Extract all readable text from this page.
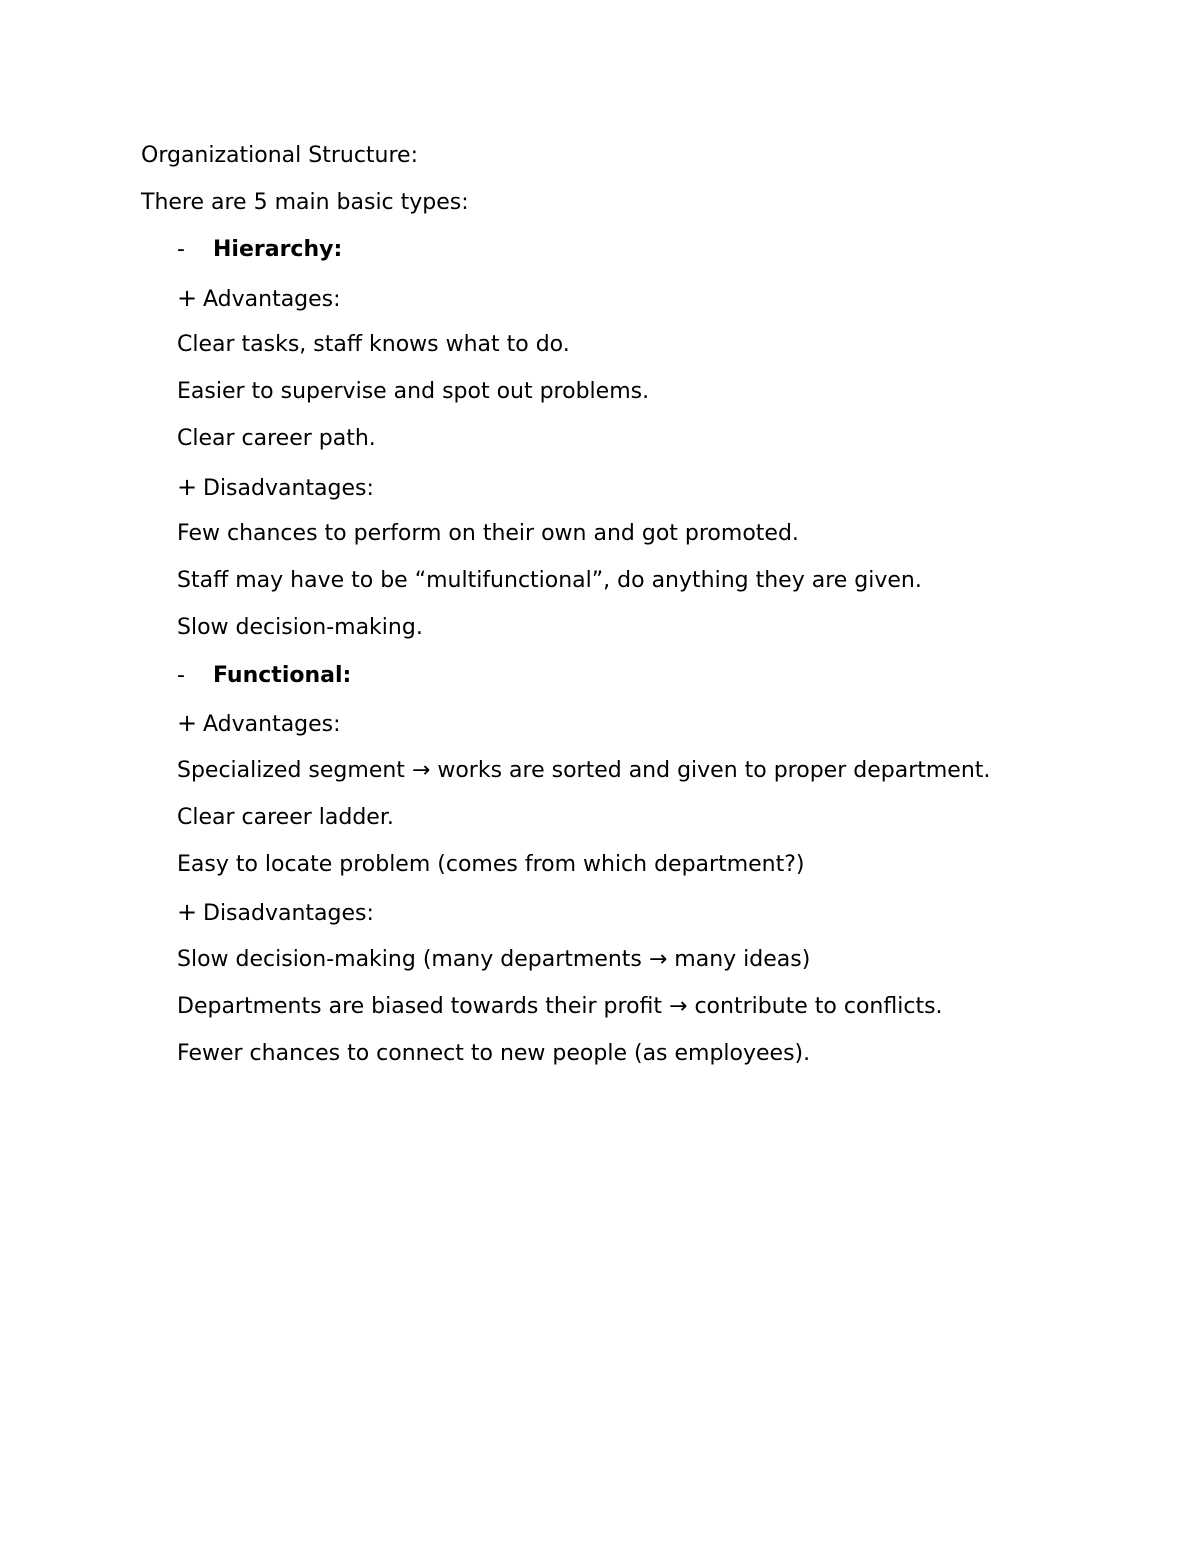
Organizational Structure:
There are 5 main basic types:
- Hierarchy:
+ Advantages:
Clear tasks, staff knows what to do.
Easier to supervise and spot out problems.
Clear career path.
+ Disadvantages:
Few chances to perform on their own and got promoted.
Staff may have to be “multifunctional”, do anything they are given.
Slow decision-making.
- Functional:
+ Advantages:
Specialized segment → works are sorted and given to proper department.
Clear career ladder.
Easy to locate problem (comes from which department?)
+ Disadvantages:
Slow decision-making (many departments → many ideas)
Departments are biased towards their profit → contribute to conflicts.
Fewer chances to connect to new people (as employees).
